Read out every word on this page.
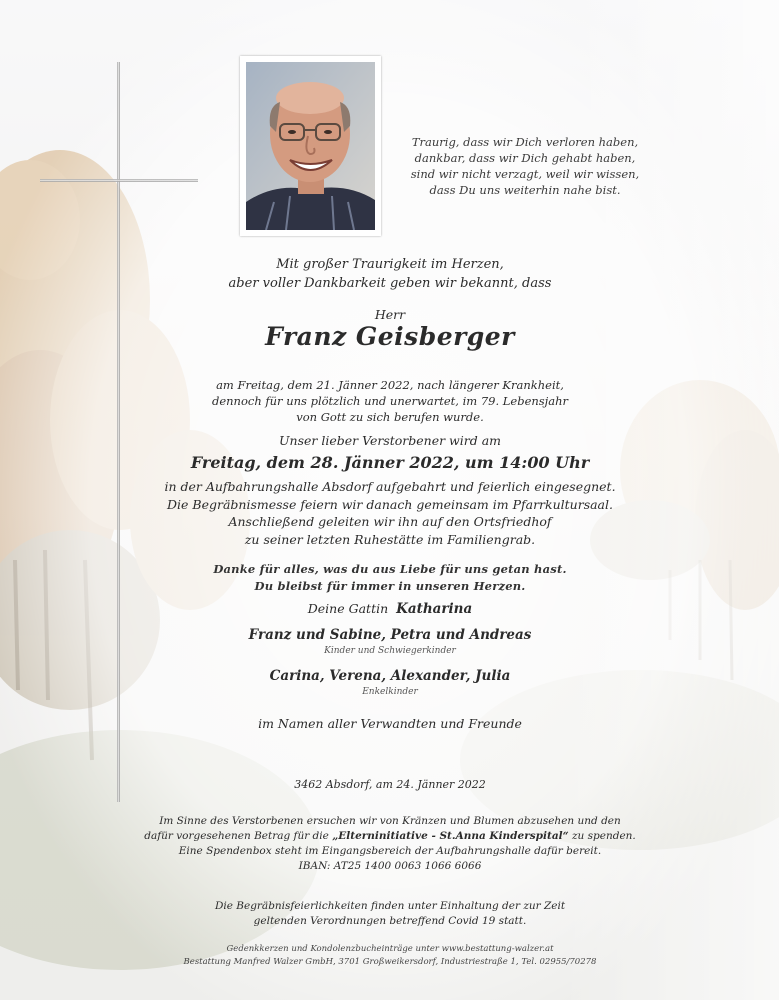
Traurig, dass wir Dich verloren haben,
dankbar, dass wir Dich gehabt haben,
sind wir nicht verzagt, weil wir wissen,
dass Du uns weiterhin nahe bist.
Mit großer Traurigkeit im Herzen,
aber voller Dankbarkeit geben wir bekannt, dass
Herr
Franz Geisberger
am Freitag, dem 21. Jänner 2022, nach längerer Krankheit,
dennoch für uns plötzlich und unerwartet, im 79. Lebensjahr
von Gott zu sich berufen wurde.
Unser lieber Verstorbener wird am
Freitag, dem 28. Jänner 2022, um 14:00 Uhr
in der Aufbahrungshalle Absdorf aufgebahrt und feierlich eingesegnet.
Die Begräbnismesse feiern wir danach gemeinsam im Pfarrkultursaal.
Anschließend geleiten wir ihn auf den Ortsfriedhof
zu seiner letzten Ruhestätte im Familiengrab.
Danke für alles, was du aus Liebe für uns getan hast.
Du bleibst für immer in unseren Herzen.
Deine Gattin Katharina
Franz und Sabine, Petra und Andreas
Kinder und Schwiegerkinder
Carina, Verena, Alexander, Julia
Enkelkinder
im Namen aller Verwandten und Freunde
3462 Absdorf, am 24. Jänner 2022
Im Sinne des Verstorbenen ersuchen wir von Kränzen und Blumen abzusehen und den
dafür vorgesehenen Betrag für die „Elterninitiative - St.Anna Kinderspital“ zu spenden.
Eine Spendenbox steht im Eingangsbereich der Aufbahrungshalle dafür bereit.
IBAN: AT25 1400 0063 1066 6066
Die Begräbnisfeierlichkeiten finden unter Einhaltung der zur Zeit
geltenden Verordnungen betreffend Covid 19 statt.
Gedenkkerzen und Kondolenzbucheinträge unter www.bestattung-walzer.at
Bestattung Manfred Walzer GmbH, 3701 Großweikersdorf, Industriestraße 1, Tel. 02955/70278
